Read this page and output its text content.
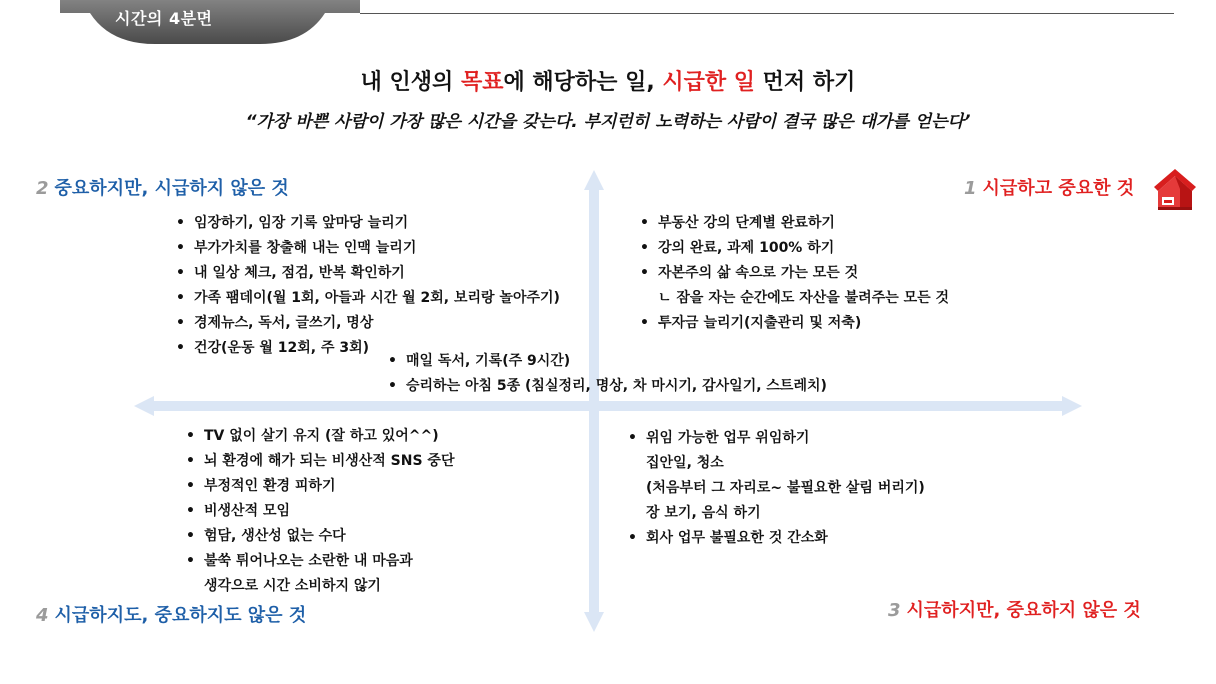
시간의 4분면
내 인생의 목표에 해당하는 일, 시급한 일 먼저 하기
“가장 바쁜 사람이 가장 많은 시간을 갖는다. 부지런히 노력하는 사람이 결국 많은 대가를 얻는다’
2 중요하지만, 시급하지 않은 것	1 시급하고 중요한 것
4 시급하지도, 중요하지도 않은 것	3 시급하지만, 중요하지 않은 것
• 임장하기, 임장 기록 앞마당 늘리기
• 부가가치를 창출해 내는 인맥 늘리기
• 내 일상 체크, 점검, 반복 확인하기
• 가족 팸데이(월 1회, 아들과 시간 월 2회, 보리랑 놀아주기)
• 경제뉴스, 독서, 글쓰기, 명상
• 건강(운동 월 12회, 주 3회)
• 부동산 강의 단계별 완료하기
• 강의 완료, 과제 100% 하기
• 자본주의 삶 속으로 가는 모든 것
ㄴ 잠을 자는 순간에도 자산을 불려주는 모든 것
• 투자금 늘리기(지출관리 및 저축)
• 매일 독서, 기록(주 9시간)
• 승리하는 아침 5종 (침실정리, 명상, 차 마시기, 감사일기, 스트레치)
• TV 없이 살기 유지 (잘 하고 있어^^)
• 뇌 환경에 해가 되는 비생산적 SNS 중단
• 부정적인 환경 피하기
• 비생산적 모임
• 험담, 생산성 없는 수다
• 불쑥 튀어나오는 소란한 내 마음과
생각으로 시간 소비하지 않기
• 위임 가능한 업무 위임하기
집안일, 청소
(처음부터 그 자리로~ 불필요한 살림 버리기)
장 보기, 음식 하기
• 회사 업무 불필요한 것 간소화
